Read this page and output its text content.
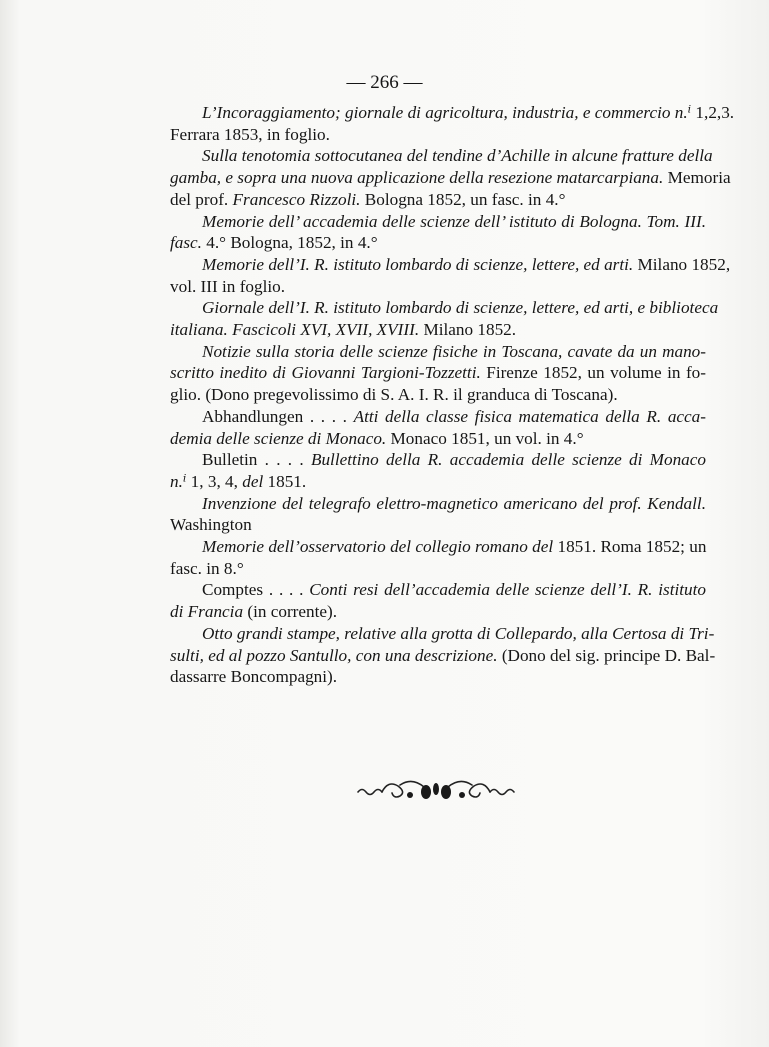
— 266 —
L’Incoraggiamento; giornale di agricoltura, industria, e commercio n.ⁱ 1,2,3.
Ferrara 1853, in foglio.
Sulla tenotomia sottocutanea del tendine d’Achille in alcune fratture della
gamba, e sopra una nuova applicazione della resezione matarcarpiana. Memoria
del prof. Francesco Rizzoli. Bologna 1852, un fasc. in 4.°
Memorie dell’ accademia delle scienze dell’ istituto di Bologna. Tom. III.
fasc. 4.° Bologna, 1852, in 4.°
Memorie dell’I. R. istituto lombardo di scienze, lettere, ed arti. Milano 1852,
vol. III in foglio.
Giornale dell’I. R. istituto lombardo di scienze, lettere, ed arti, e biblioteca
italiana. Fascicoli XVI, XVII, XVIII. Milano 1852.
Notizie sulla storia delle scienze fisiche in Toscana, cavate da un mano-
scritto inedito di Giovanni Targioni-Tozzetti. Firenze 1852, un volume in fo-
glio. (Dono pregevolissimo di S. A. I. R. il granduca di Toscana).
Abhandlungen . . . . Atti della classe fisica matematica della R. acca-
demia delle scienze di Monaco. Monaco 1851, un vol. in 4.°
Bulletin . . . . Bullettino della R. accademia delle scienze di Monaco
n.ⁱ 1, 3, 4, del 1851.
Invenzione del telegrafo elettro-magnetico americano del prof. Kendall.
Washington
Memorie dell’osservatorio del collegio romano del 1851. Roma 1852; un
fasc. in 8.°
Comptes . . . . Conti resi dell’accademia delle scienze dell’I. R. istituto
di Francia (in corrente).
Otto grandi stampe, relative alla grotta di Collepardo, alla Certosa di Tri-
sulti, ed al pozzo Santullo, con una descrizione. (Dono del sig. principe D. Bal-
dassarre Boncompagni).
